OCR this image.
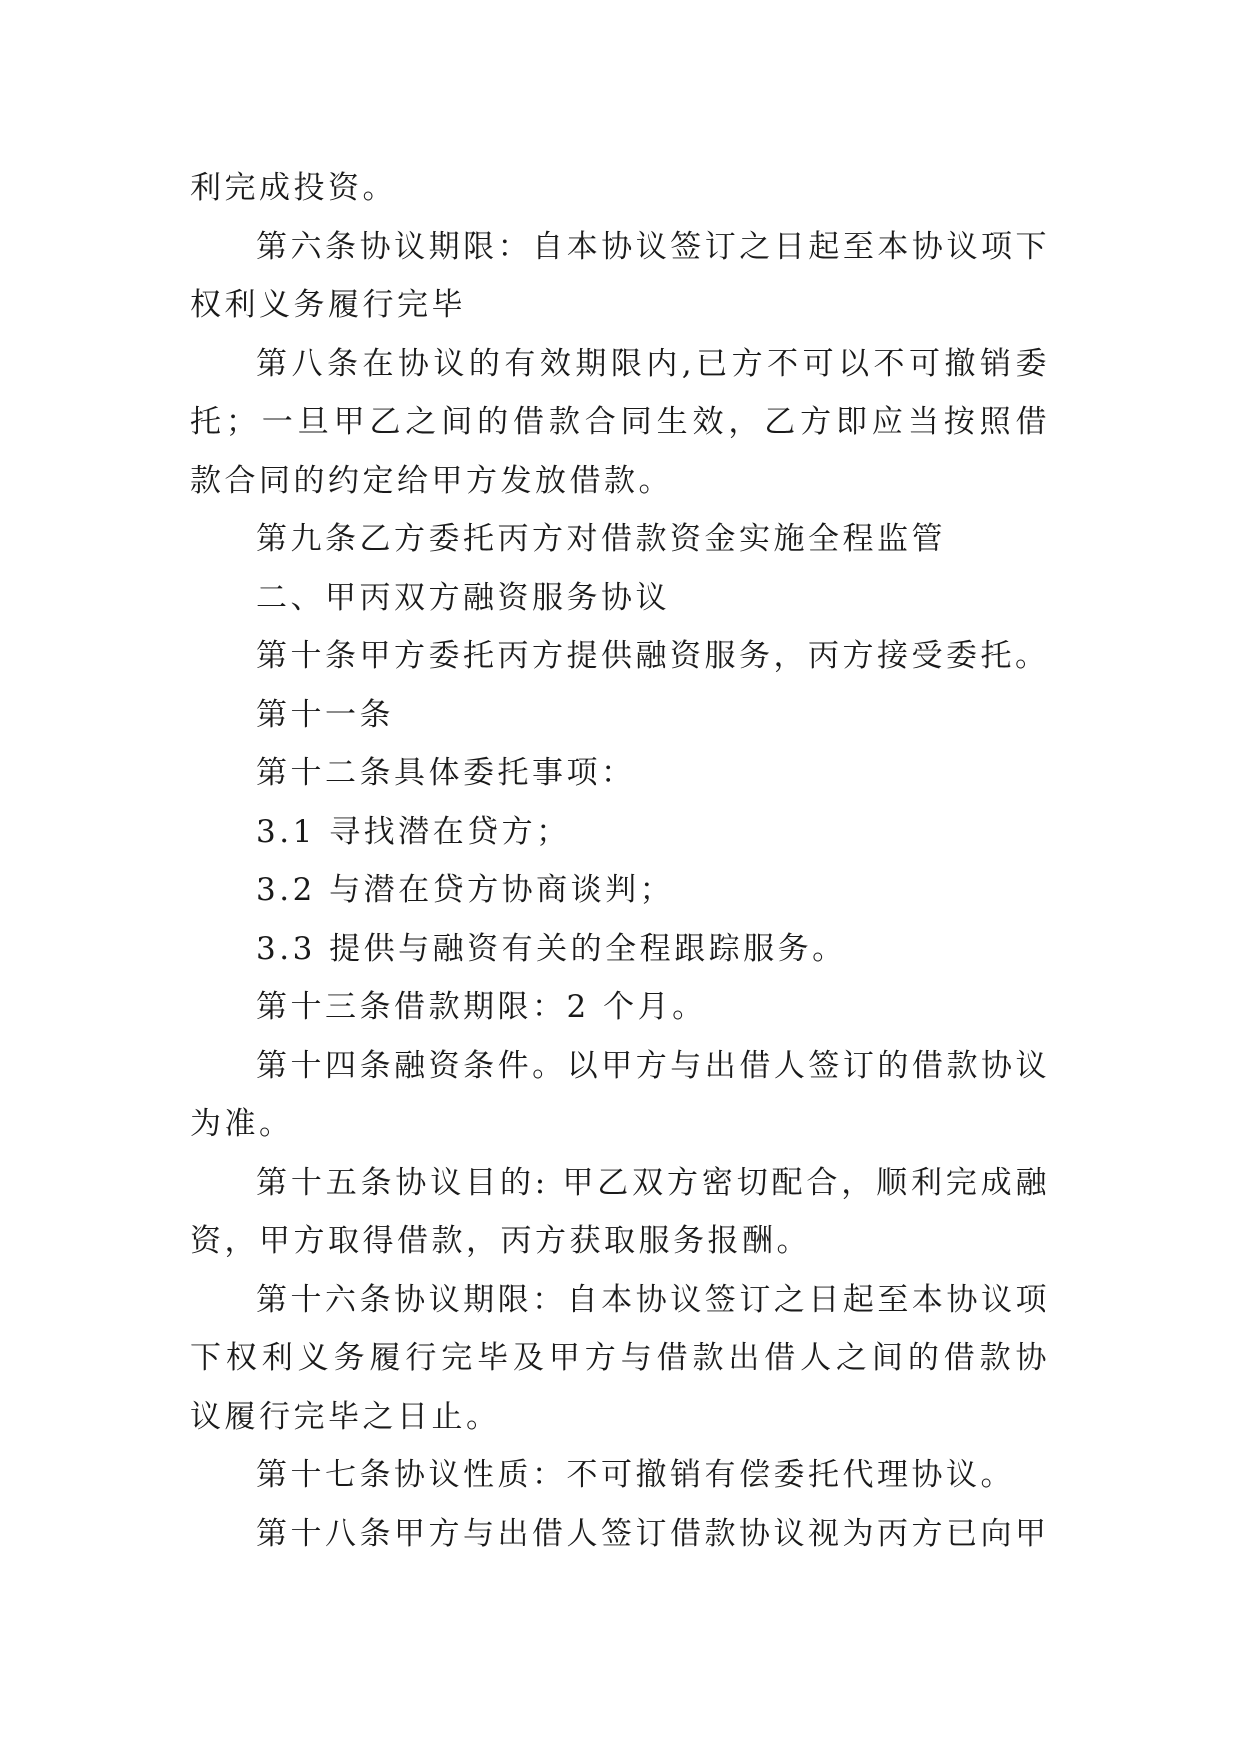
利完成投资。

第六条协议期限：自本协议签订之日起至本协议项下权利义务履行完毕

第八条在协议的有效期限内,已方不可以不可撤销委托；一旦甲乙之间的借款合同生效，乙方即应当按照借款合同的约定给甲方发放借款。

第九条乙方委托丙方对借款资金实施全程监管

二、甲丙双方融资服务协议

第十条甲方委托丙方提供融资服务，丙方接受委托。

第十一条

第十二条具体委托事项：

3.1 寻找潜在贷方；

3.2 与潜在贷方协商谈判；

3.3 提供与融资有关的全程跟踪服务。

第十三条借款期限：2 个月。

第十四条融资条件。以甲方与出借人签订的借款协议为准。

第十五条协议目的: 甲乙双方密切配合，顺利完成融资，甲方取得借款，丙方获取服务报酬。

第十六条协议期限：自本协议签订之日起至本协议项下权利义务履行完毕及甲方与借款出借人之间的借款协议履行完毕之日止。

第十七条协议性质：不可撤销有偿委托代理协议。

第十八条甲方与出借人签订借款协议视为丙方已向甲
